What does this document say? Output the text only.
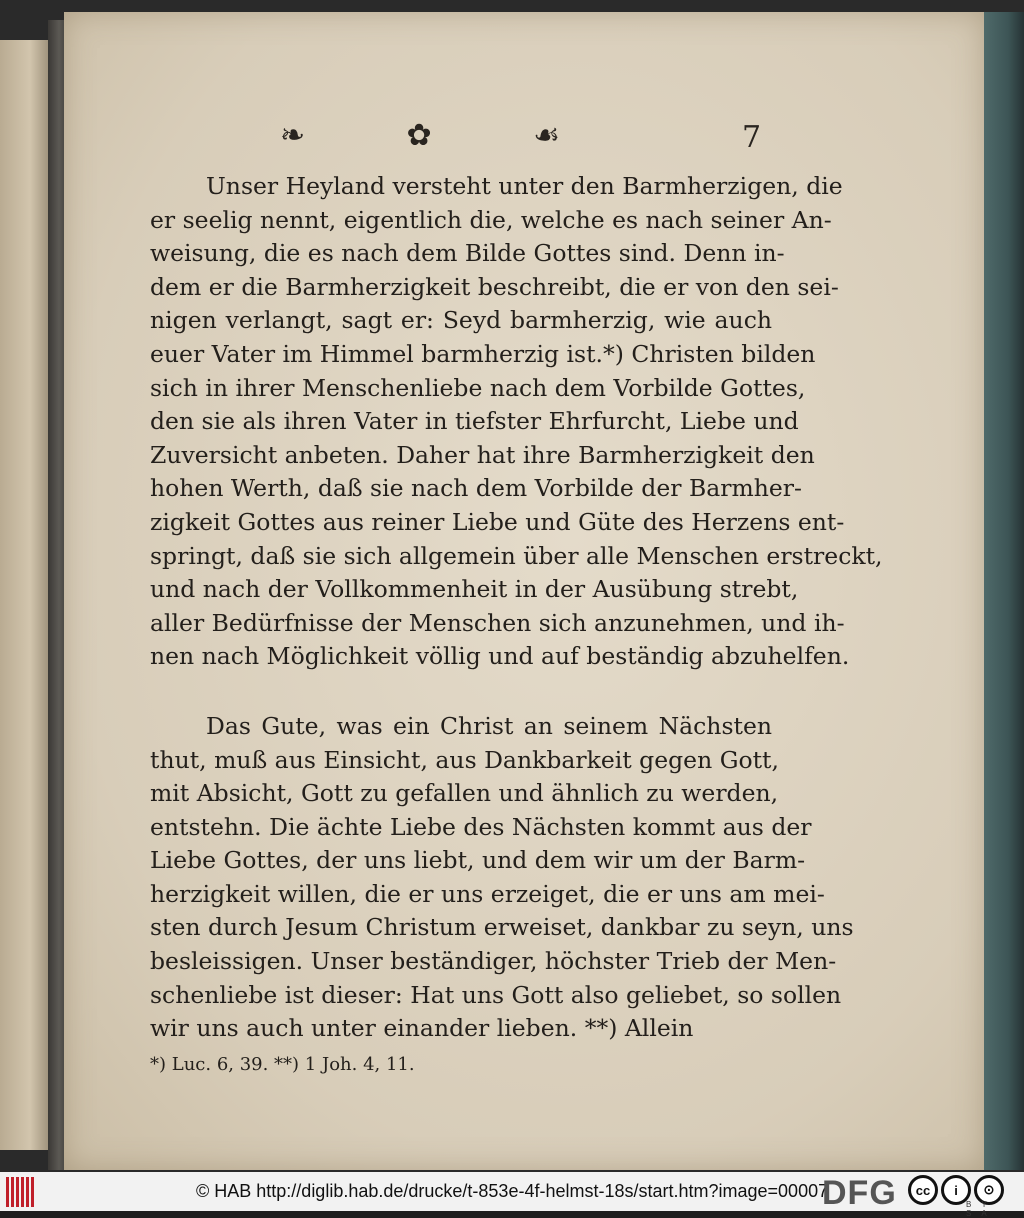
❧	✿	☙	7
Unser Heyland versteht unter den Barmherzigen, die
er seelig nennt, eigentlich die, welche es nach seiner An-
weisung, die es nach dem Bilde Gottes sind. Denn in-
dem er die Barmherzigkeit beschreibt, die er von den sei-
nigen verlangt, sagt er: Seyd barmherzig, wie auch
euer Vater im Himmel barmherzig ist.*) Christen bilden
sich in ihrer Menschenliebe nach dem Vorbilde Gottes,
den sie als ihren Vater in tiefster Ehrfurcht, Liebe und
Zuversicht anbeten. Daher hat ihre Barmherzigkeit den
hohen Werth, daß sie nach dem Vorbilde der Barmher-
zigkeit Gottes aus reiner Liebe und Güte des Herzens ent-
springt, daß sie sich allgemein über alle Menschen erstreckt,
und nach der Vollkommenheit in der Ausübung strebt,
aller Bedürfnisse der Menschen sich anzunehmen, und ih-
nen nach Möglichkeit völlig und auf beständig abzuhelfen.
Das Gute, was ein Christ an seinem Nächsten
thut, muß aus Einsicht, aus Dankbarkeit gegen Gott,
mit Absicht, Gott zu gefallen und ähnlich zu werden,
entstehn. Die ächte Liebe des Nächsten kommt aus der
Liebe Gottes, der uns liebt, und dem wir um der Barm-
herzigkeit willen, die er uns erzeiget, die er uns am mei-
sten durch Jesum Christum erweiset, dankbar zu seyn, uns
besleissigen. Unser beständiger, höchster Trieb der Men-
schenliebe ist dieser: Hat uns Gott also geliebet, so sollen
wir uns auch unter einander lieben. **) Allein
*) Luc. 6, 39. **) 1 Joh. 4, 11.
© HAB http://diglib.hab.de/drucke/t-853e-4f-helmst-18s/start.htm?image=00007
DFG	cc	i	⊙
BY SA
